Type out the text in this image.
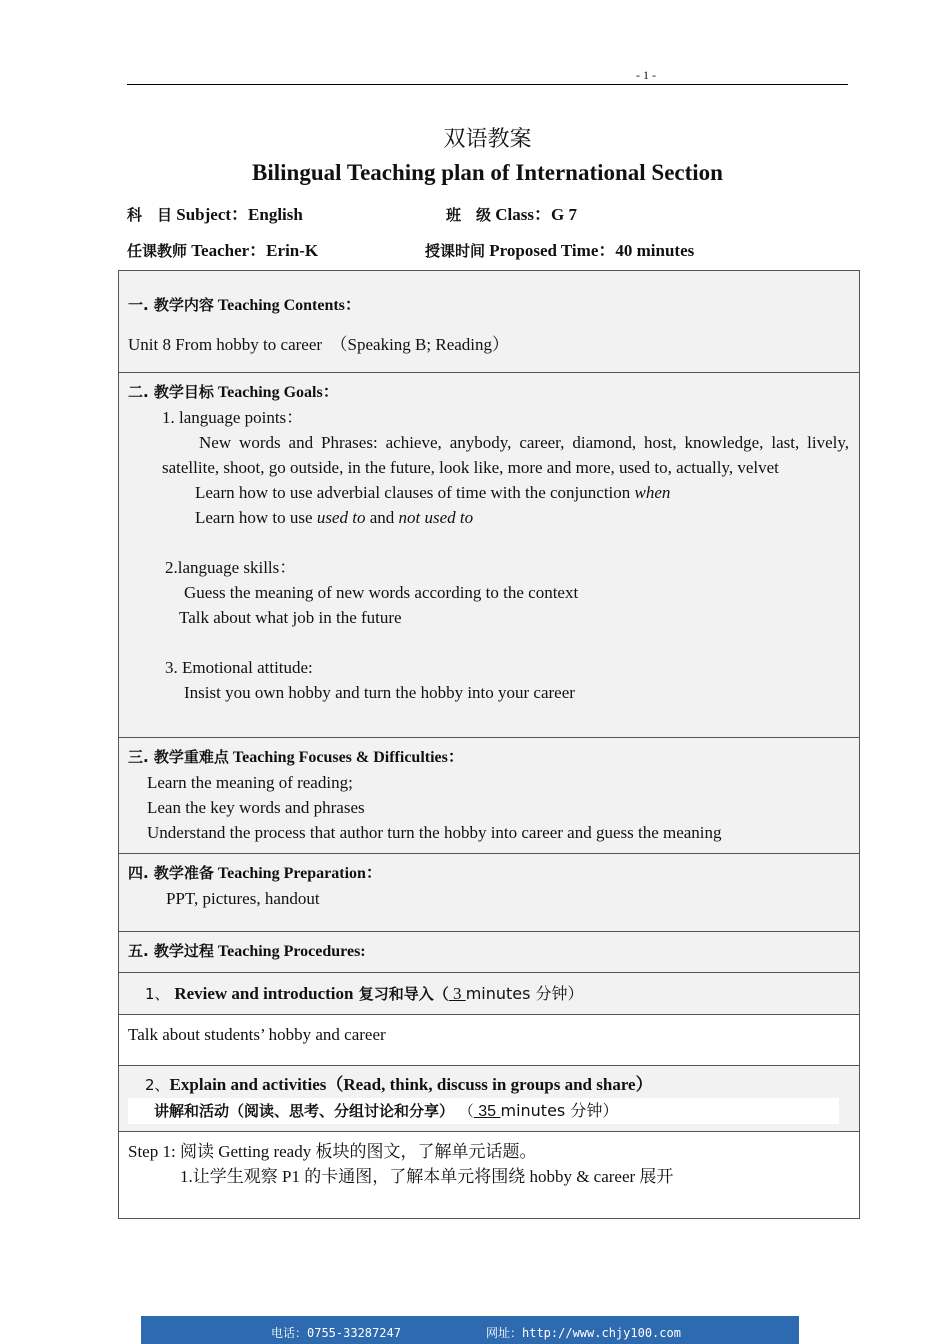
- 1 -
双语教案
Bilingual Teaching plan of International Section
科　目 Subject：English	班　级 Class：G 7
任课教师 Teacher：Erin-K	授课时间 Proposed Time：40 minutes
一. 教学内容 Teaching Contents：
Unit 8 From hobby to career　（Speaking B; Reading）

二. 教学目标 Teaching Goals：
1. language points：
New words and Phrases: achieve, anybody, career, diamond, host, knowledge, last, lively, satellite, shoot, go outside, in the future, look like, more and more, used to, actually, velvet
Learn how to use adverbial clauses of time with the conjunction when
Learn how to use used to and not used to
2.language skills：
Guess the meaning of new words according to the context
Talk about what job in the future
3. Emotional attitude:
Insist you own hobby and turn the hobby into your career

三. 教学重难点 Teaching Focuses & Difficulties：
Learn the meaning of reading;
Lean the key words and phrases
Understand the process that author turn the hobby into career and guess the meaning

四. 教学准备 Teaching Preparation：
PPT, pictures, handout

五. 教学过程 Teaching Procedures:

1、 Review and introduction 复习和导入（ 3 minutes 分钟）

Talk about students’ hobby and career

2、Explain and activities（Read, think, discuss in groups and share）
讲解和活动（阅读、思考、分组讨论和分享） （ 35 minutes 分钟）

Step 1: 阅读 Getting ready 板块的图文，了解单元话题。
1.让学生观察 P1 的卡通图，了解本单元将围绕 hobby & career 展开
电话：0755-33287247	网址：http://www.chjy100.com
